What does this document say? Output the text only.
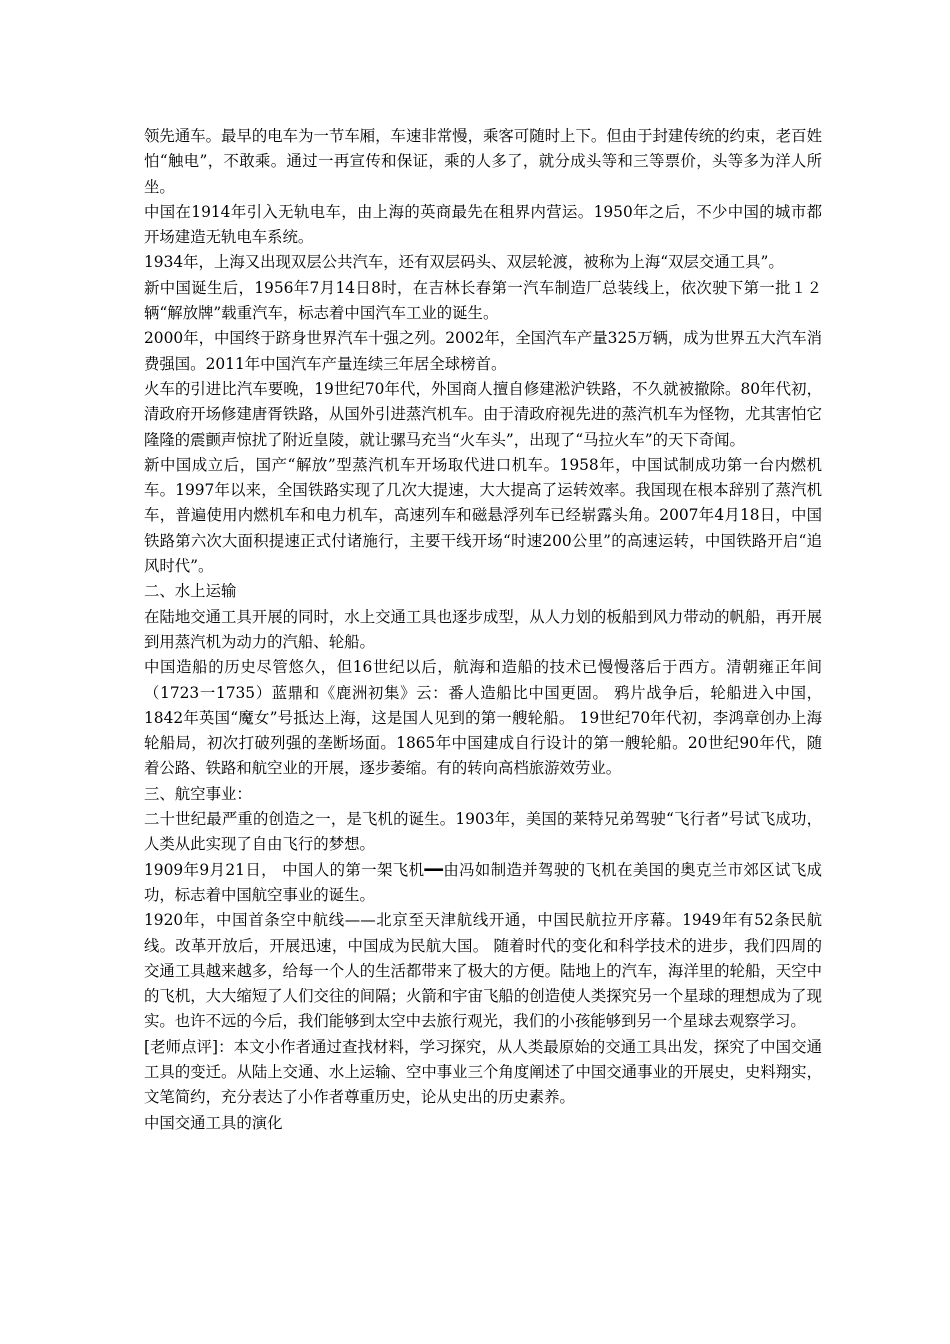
领先通车。最早的电车为一节车厢，车速非常慢，乘客可随时上下。但由于封建传统的约束，老百姓怕“触电”，不敢乘。通过一再宣传和保证，乘的人多了，就分成头等和三等票价，头等多为洋人所坐。

中国在1914年引入无轨电车，由上海的英商最先在租界内营运。1950年之后，不少中国的城市都开场建造无轨电车系统。

1934年，上海又出现双层公共汽车，还有双层码头、双层轮渡，被称为上海“双层交通工具”。

新中国诞生后，1956年7月14日8时，在吉林长春第一汽车制造厂总装线上，依次驶下第一批１２辆“解放牌”载重汽车，标志着中国汽车工业的诞生。

2000年，中国终于跻身世界汽车十强之列。2002年，全国汽车产量325万辆，成为世界五大汽车消费强国。2011年中国汽车产量连续三年居全球榜首。

火车的引进比汽车要晚，19世纪70年代，外国商人擅自修建淞沪铁路，不久就被撤除。80年代初，清政府开场修建唐胥铁路，从国外引进蒸汽机车。由于清政府视先进的蒸汽机车为怪物，尤其害怕它隆隆的震颤声惊扰了附近皇陵，就让骡马充当“火车头”，出现了“马拉火车”的天下奇闻。

新中国成立后，国产“解放”型蒸汽机车开场取代进口机车。1958年，中国试制成功第一台内燃机车。1997年以来，全国铁路实现了几次大提速，大大提高了运转效率。我国现在根本辞别了蒸汽机车，普遍使用内燃机车和电力机车，高速列车和磁悬浮列车已经崭露头角。2007年4月18日，中国铁路第六次大面积提速正式付诸施行，主要干线开场“时速200公里”的高速运转，中国铁路开启“追风时代”。

二、水上运输

在陆地交通工具开展的同时，水上交通工具也逐步成型，从人力划的板船到风力带动的帆船，再开展到用蒸汽机为动力的汽船、轮船。

中国造船的历史尽管悠久，但16世纪以后，航海和造船的技术已慢慢落后于西方。清朝雍正年间（1723一1735）蓝鼎和《鹿洲初集》云：番人造船比中国更固。 鸦片战争后，轮船进入中国，1842年英国“魔女”号抵达上海，这是国人见到的第一艘轮船。 19世纪70年代初，李鸿章创办上海轮船局，初次打破列强的垄断场面。1865年中国建成自行设计的第一艘轮船。20世纪90年代，随着公路、铁路和航空业的开展，逐步萎缩。有的转向高档旅游效劳业。

三、航空事业：

二十世纪最严重的创造之一，是飞机的诞生。1903年，美国的莱特兄弟驾驶“飞行者”号试飞成功，人类从此实现了自由飞行的梦想。

1909年9月21日， 中国人的第一架飞机━━由冯如制造并驾驶的飞机在美国的奥克兰市郊区试飞成功，标志着中国航空事业的诞生。

1920年，中国首条空中航线——北京至天津航线开通，中国民航拉开序幕。1949年有52条民航线。改革开放后，开展迅速，中国成为民航大国。 随着时代的变化和科学技术的进步，我们四周的交通工具越来越多，给每一个人的生活都带来了极大的方便。陆地上的汽车，海洋里的轮船，天空中的飞机，大大缩短了人们交往的间隔；火箭和宇宙飞船的创造使人类探究另一个星球的理想成为了现实。也许不远的今后，我们能够到太空中去旅行观光，我们的小孩能够到另一个星球去观察学习。

[老师点评]：本文小作者通过查找材料，学习探究，从人类最原始的交通工具出发，探究了中国交通工具的变迁。从陆上交通、水上运输、空中事业三个角度阐述了中国交通事业的开展史，史料翔实，文笔简约，充分表达了小作者尊重历史，论从史出的历史素养。

中国交通工具的演化
